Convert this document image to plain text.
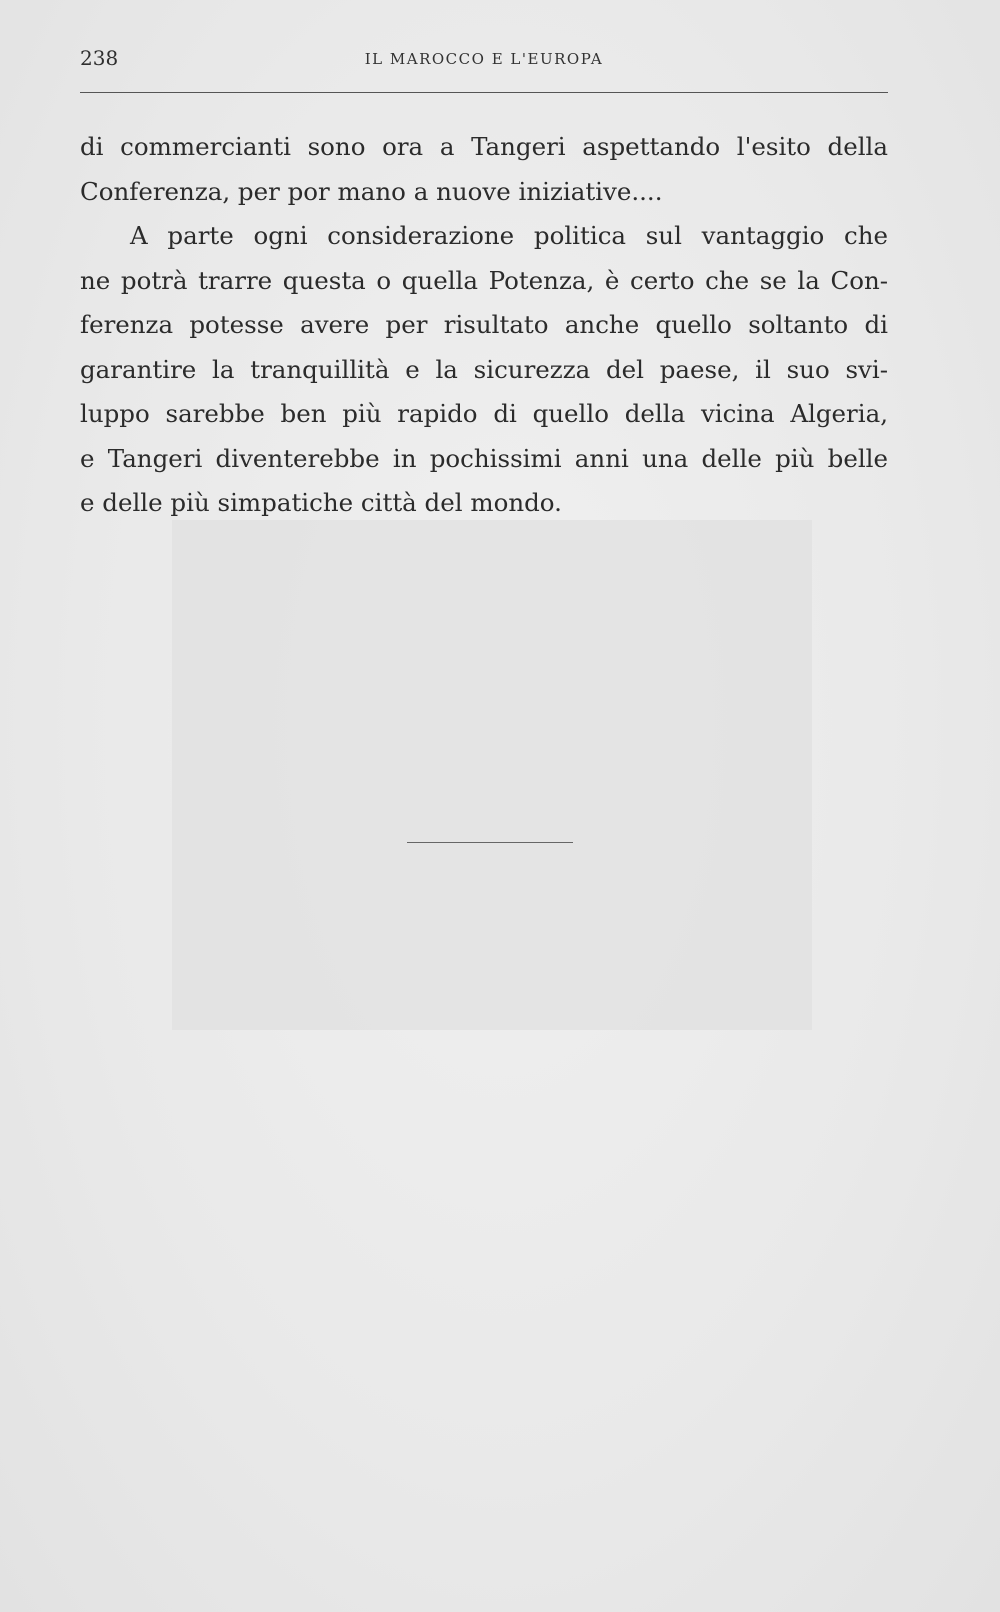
238	IL MAROCCO E L'EUROPA
di commercianti sono ora a Tangeri aspettando l'esito della
Conferenza, per por mano a nuove iniziative....
A parte ogni considerazione politica sul vantaggio che
ne potrà trarre questa o quella Potenza, è certo che se la Con-
ferenza potesse avere per risultato anche quello soltanto di
garantire la tranquillità e la sicurezza del paese, il suo svi-
luppo sarebbe ben più rapido di quello della vicina Algeria,
e Tangeri diventerebbe in pochissimi anni una delle più belle
e delle più simpatiche città del mondo.
